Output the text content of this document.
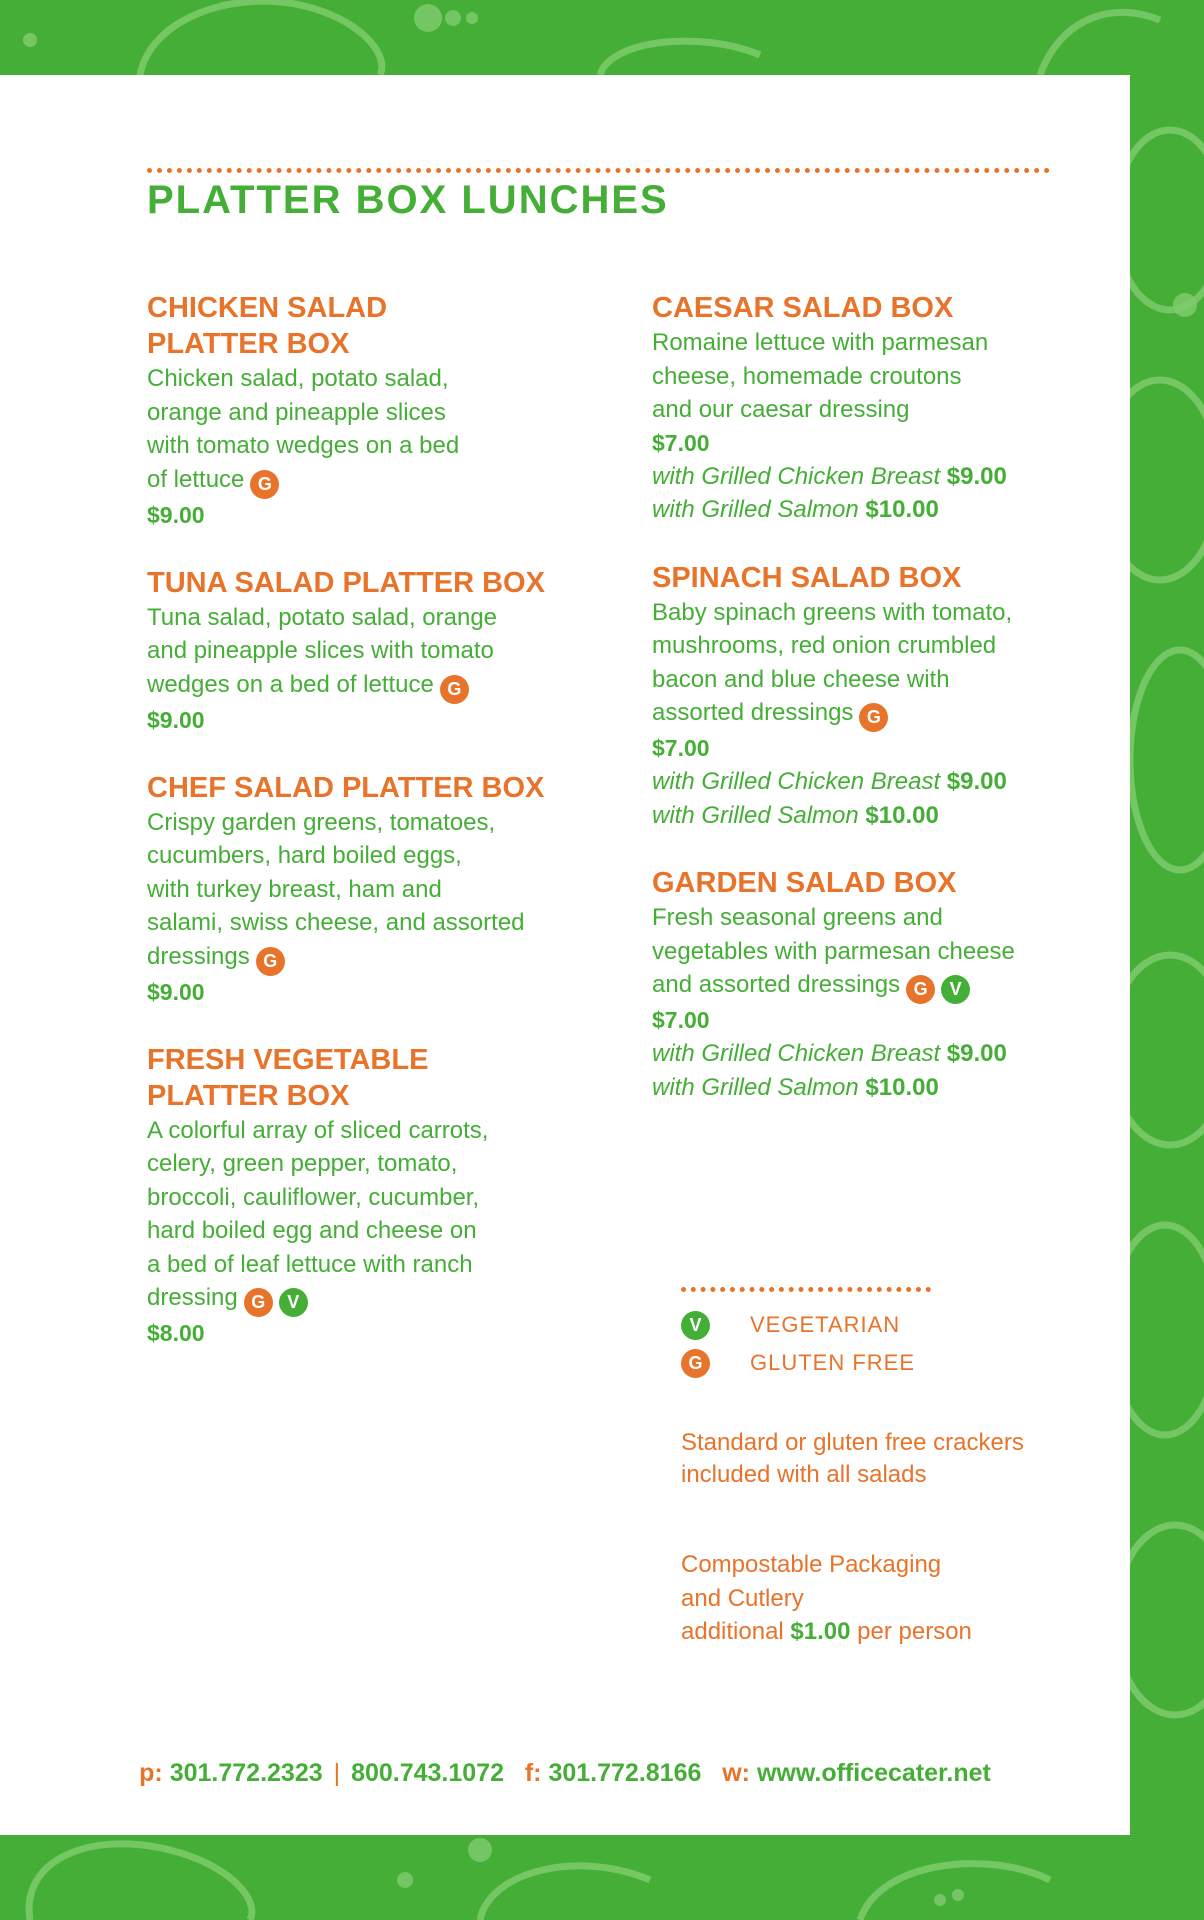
PLATTER BOX LUNCHES
CHICKEN SALAD
PLATTER BOX
Chicken salad, potato salad,
orange and pineapple slices
with tomato wedges on a bed
of lettuce G
$9.00
TUNA SALAD PLATTER BOX
Tuna salad, potato salad, orange
and pineapple slices with tomato
wedges on a bed of lettuce G
$9.00
CHEF SALAD PLATTER BOX
Crispy garden greens, tomatoes,
cucumbers, hard boiled eggs,
with turkey breast, ham and
salami, swiss cheese, and assorted
dressings G
$9.00
FRESH VEGETABLE
PLATTER BOX
A colorful array of sliced carrots,
celery, green pepper, tomato,
broccoli, cauliflower, cucumber,
hard boiled egg and cheese on
a bed of leaf lettuce with ranch
dressing G V
$8.00
CAESAR SALAD BOX
Romaine lettuce with parmesan
cheese, homemade croutons
and our caesar dressing
$7.00
with Grilled Chicken Breast $9.00
with Grilled Salmon $10.00
SPINACH SALAD BOX
Baby spinach greens with tomato,
mushrooms, red onion crumbled
bacon and blue cheese with
assorted dressings G
$7.00
with Grilled Chicken Breast $9.00
with Grilled Salmon $10.00
GARDEN SALAD BOX
Fresh seasonal greens and
vegetables with parmesan cheese
and assorted dressings G V
$7.00
with Grilled Chicken Breast $9.00
with Grilled Salmon $10.00
V	VEGETARIAN
G	GLUTEN FREE
Standard or gluten free crackers
included with all salads
Compostable Packaging
and Cutlery
additional $1.00 per person
p: 301.772.2323 | 800.743.1072 f: 301.772.8166 w: www.officecater.net
